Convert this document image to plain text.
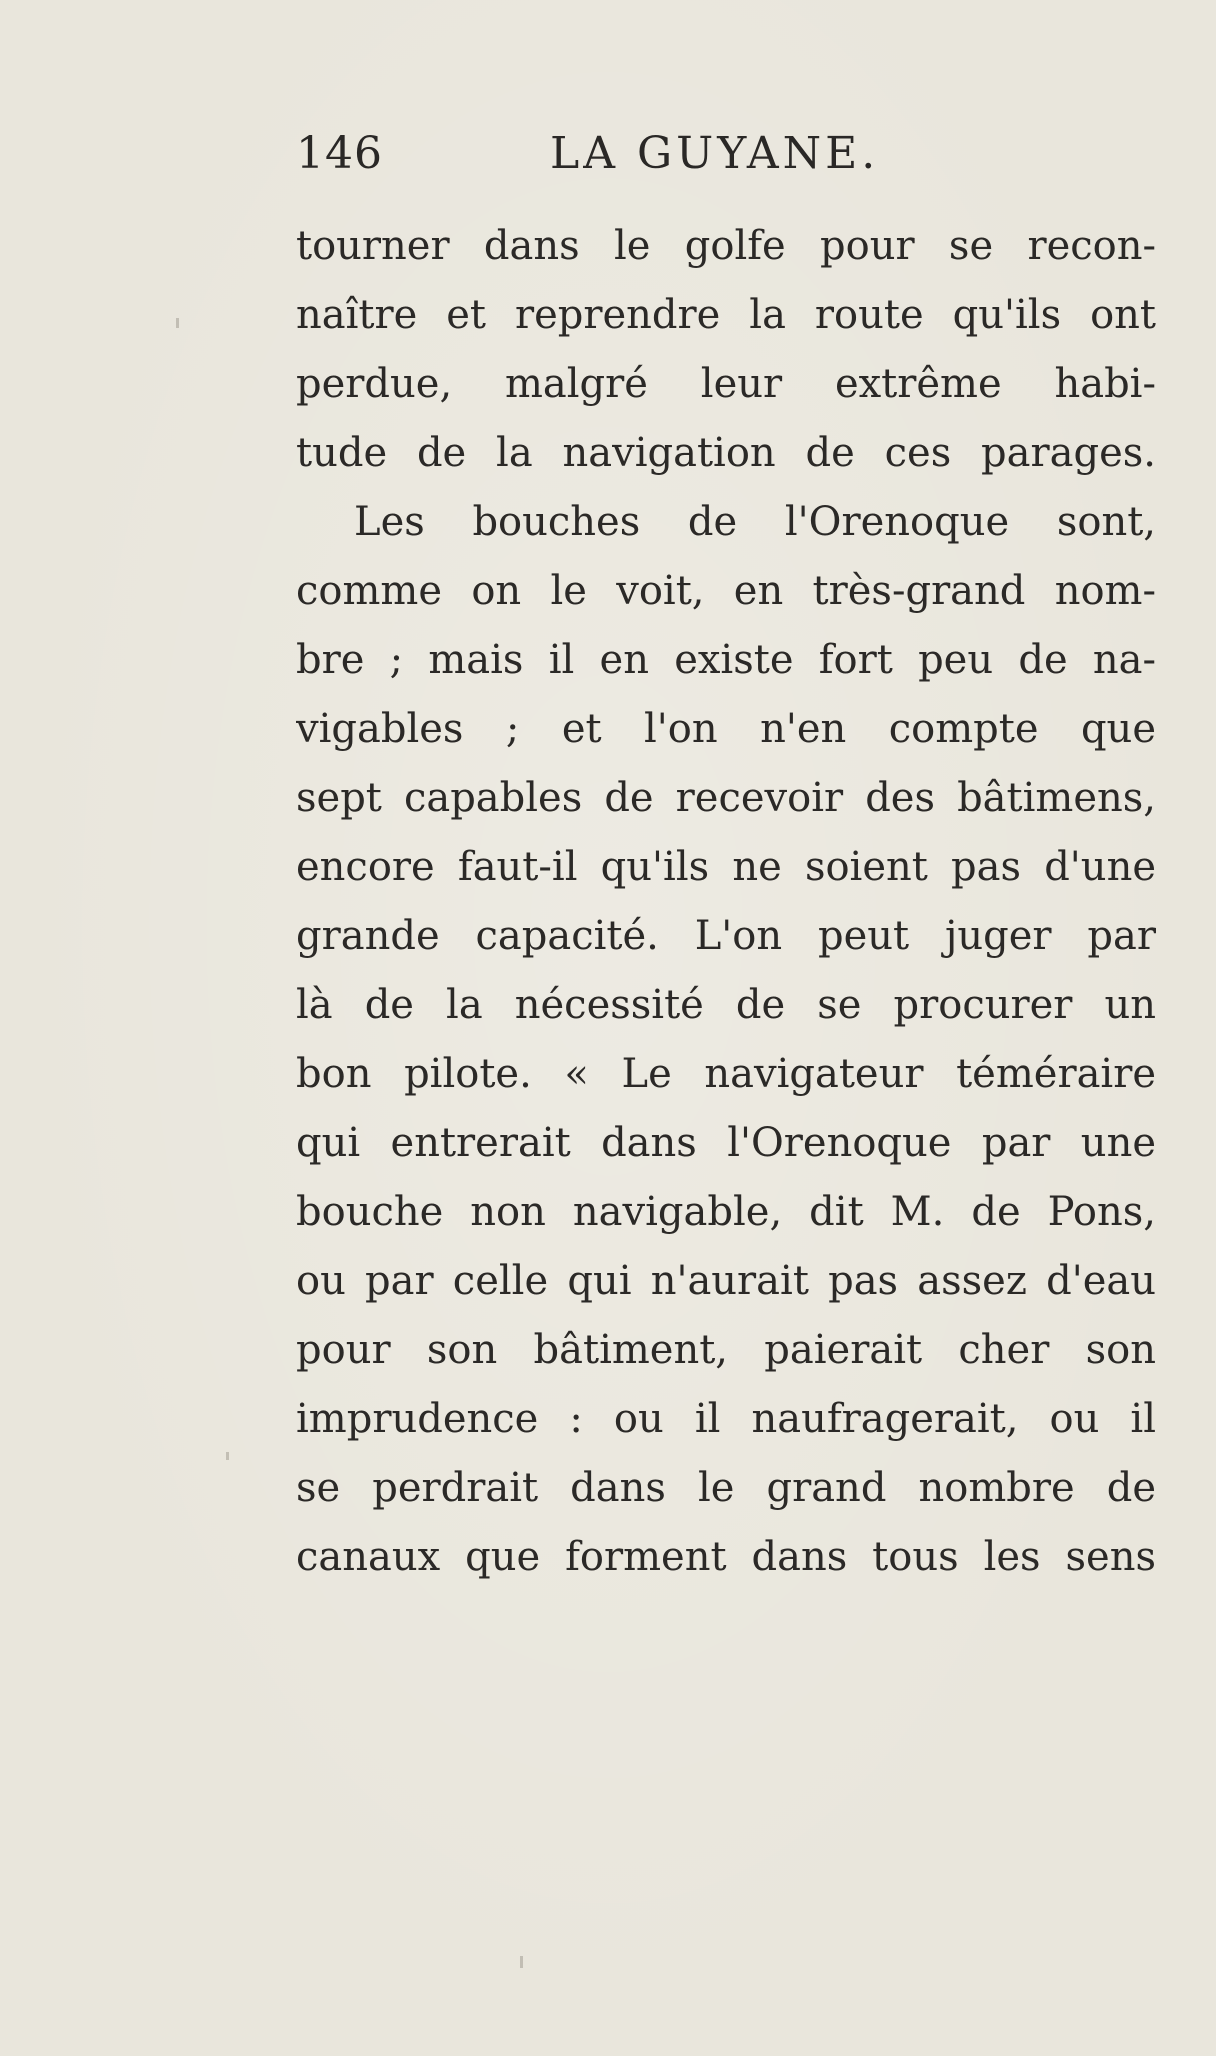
146	LA GUYANE.
tourner dans le golfe pour se recon-
naître et reprendre la route qu'ils ont
perdue, malgré leur extrême habi-
tude de la navigation de ces parages.
Les bouches de l'Orenoque sont,
comme on le voit, en très-grand nom-
bre ; mais il en existe fort peu de na-
vigables ; et l'on n'en compte que
sept capables de recevoir des bâtimens,
encore faut-il qu'ils ne soient pas d'une
grande capacité. L'on peut juger par
là de la nécessité de se procurer un
bon pilote. « Le navigateur téméraire
qui entrerait dans l'Orenoque par une
bouche non navigable, dit M. de Pons,
ou par celle qui n'aurait pas assez d'eau
pour son bâtiment, paierait cher son
imprudence : ou il naufragerait, ou il
se perdrait dans le grand nombre de
canaux que forment dans tous les sens
